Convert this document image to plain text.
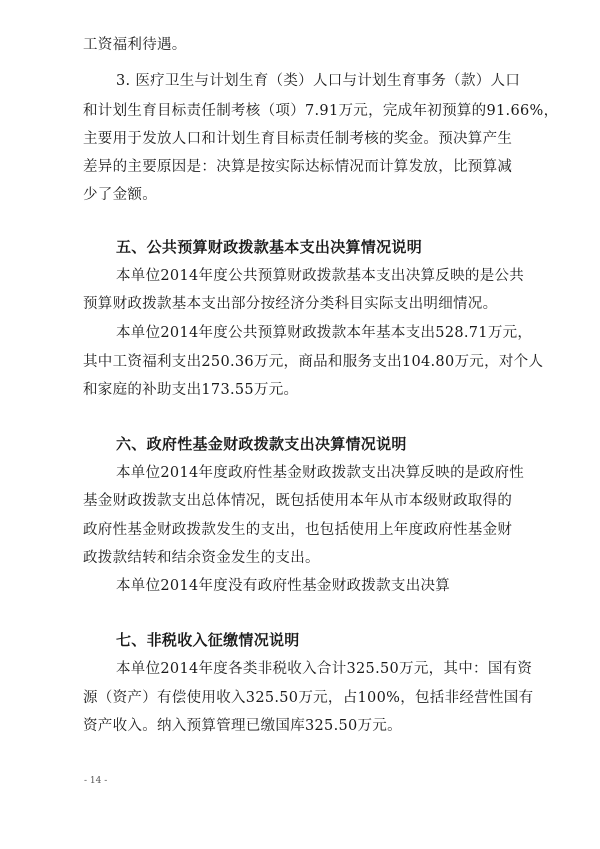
工资福利待遇。
3. 医疗卫生与计划生育（类）人口与计划生育事务（款）人口
和计划生育目标责任制考核（项）7.91万元，完成年初预算的91.66%，
主要用于发放人口和计划生育目标责任制考核的奖金。预决算产生
差异的主要原因是：决算是按实际达标情况而计算发放，比预算减
少了金额。
五、公共预算财政拨款基本支出决算情况说明
本单位2014年度公共预算财政拨款基本支出决算反映的是公共
预算财政拨款基本支出部分按经济分类科目实际支出明细情况。
本单位2014年度公共预算财政拨款本年基本支出528.71万元，
其中工资福利支出250.36万元，商品和服务支出104.80万元，对个人
和家庭的补助支出173.55万元。
六、政府性基金财政拨款支出决算情况说明
本单位2014年度政府性基金财政拨款支出决算反映的是政府性
基金财政拨款支出总体情况，既包括使用本年从市本级财政取得的
政府性基金财政拨款发生的支出，也包括使用上年度政府性基金财
政拨款结转和结余资金发生的支出。
本单位2014年度没有政府性基金财政拨款支出决算
七、非税收入征缴情况说明
本单位2014年度各类非税收入合计325.50万元，其中：国有资
源（资产）有偿使用收入325.50万元，占100%，包括非经营性国有
资产收入。纳入预算管理已缴国库325.50万元。
- 14 -
